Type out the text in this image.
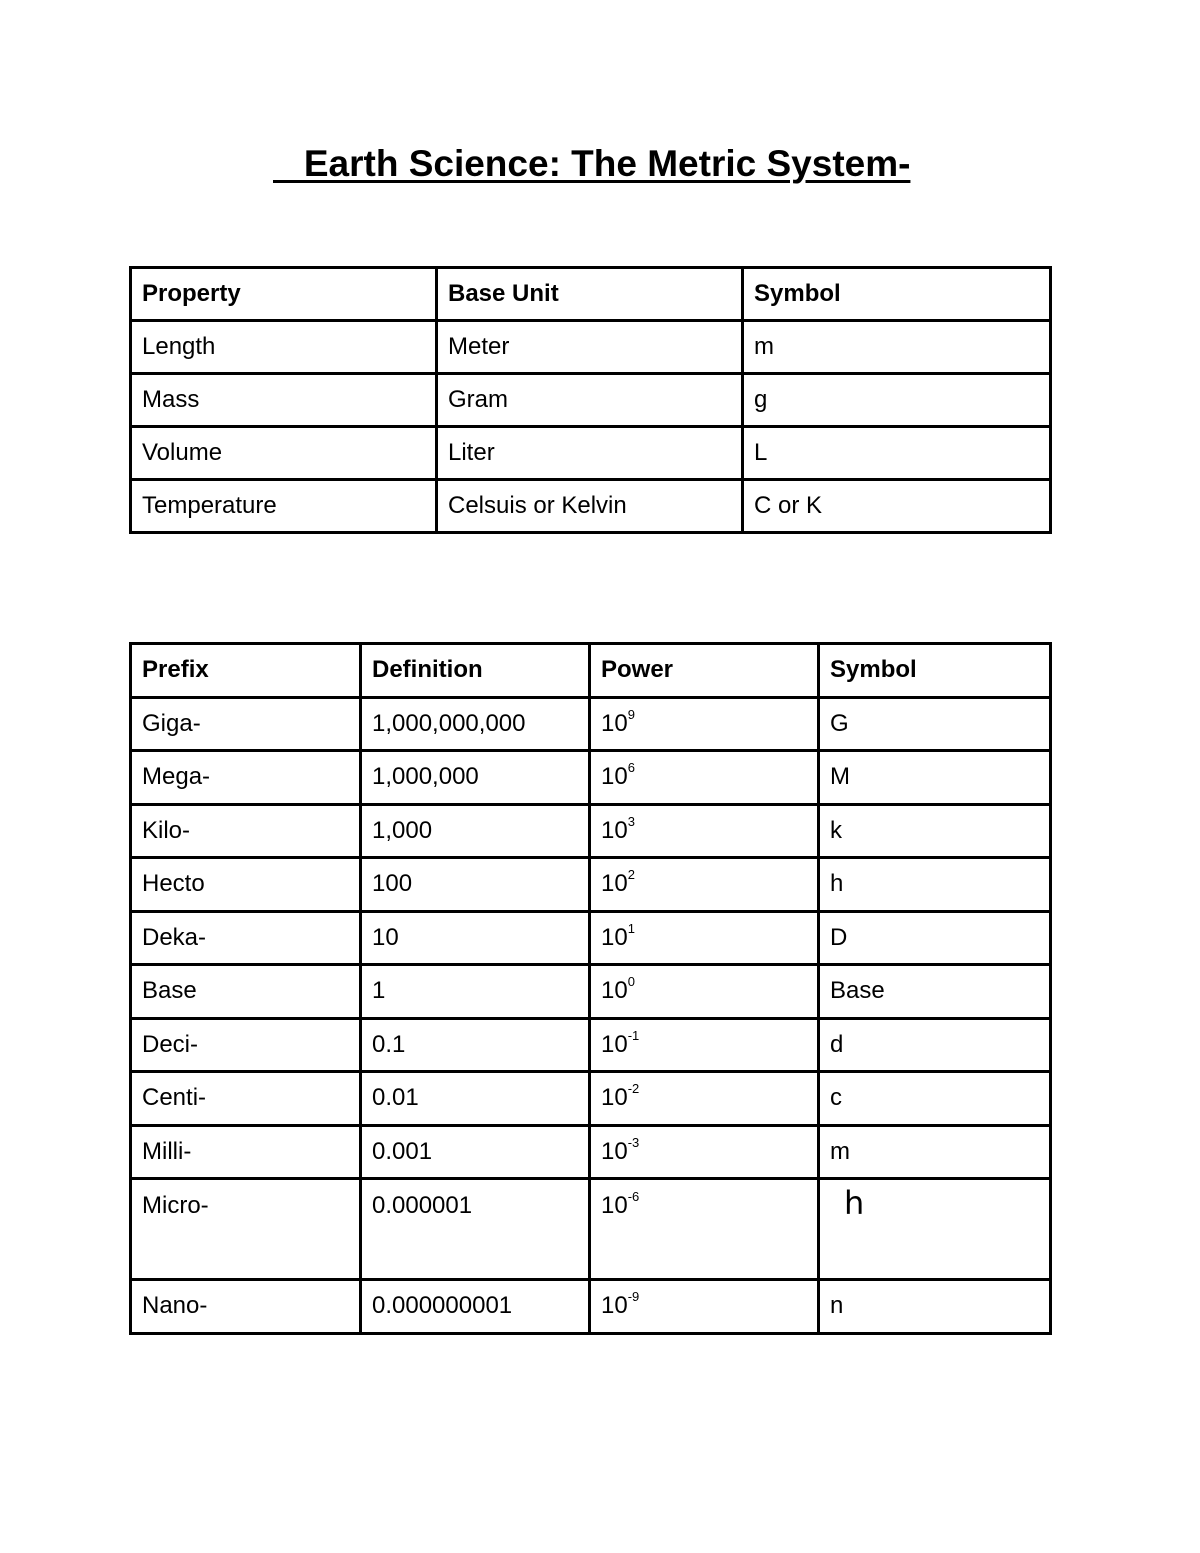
Earth Science: The Metric System-
Property	Base Unit	Symbol
Length	Meter	m
Mass	Gram	g
Volume	Liter	L
Temperature	Celsuis or Kelvin	C or K
Prefix	Definition	Power	Symbol
Giga-	1,000,000,000	$10^9$	G
Mega-	1,000,000	$10^6$	M
Kilo-	1,000	$10^3$	k
Hecto	100	$10^2$	h
Deka-	10	$10^1$	D
Base	1	$10^0$	Base
Deci-	0.1	$10^{-1}$	d
Centi-	0.01	$10^{-2}$	c
Milli-	0.001	$10^{-3}$	m
Micro-	0.000001	$10^{-6}$	h
Nano-	0.000000001	$10^{-9}$	n
